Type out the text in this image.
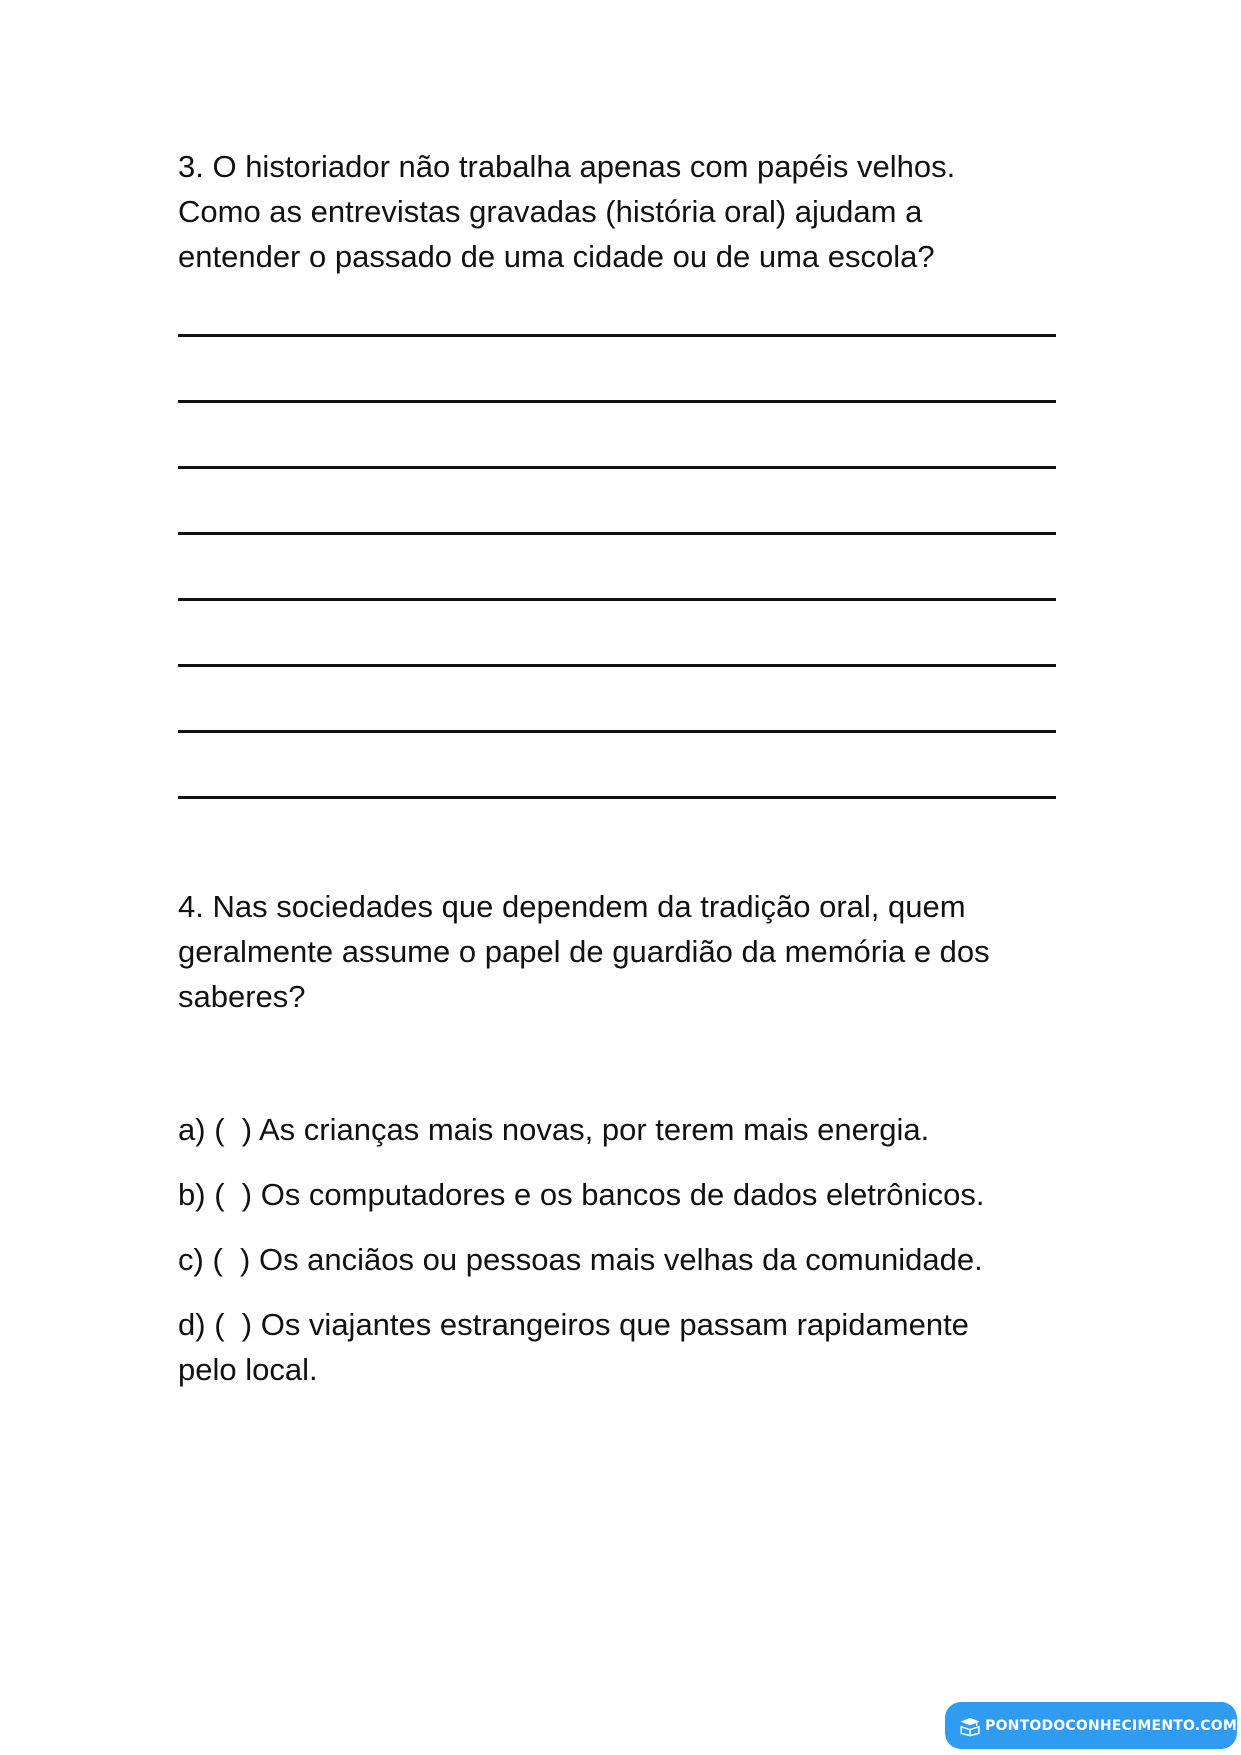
3. O historiador não trabalha apenas com papéis velhos.
Como as entrevistas gravadas (história oral) ajudam a
entender o passado de uma cidade ou de uma escola?

4. Nas sociedades que dependem da tradição oral, quem
geralmente assume o papel de guardião da memória e dos
saberes?

a) (  ) As crianças mais novas, por terem mais energia.

b) (  ) Os computadores e os bancos de dados eletrônicos.

c) (  ) Os anciãos ou pessoas mais velhas da comunidade.

d) (  ) Os viajantes estrangeiros que passam rapidamente
pelo local.

PONTODOCONHECIMENTO.COM
